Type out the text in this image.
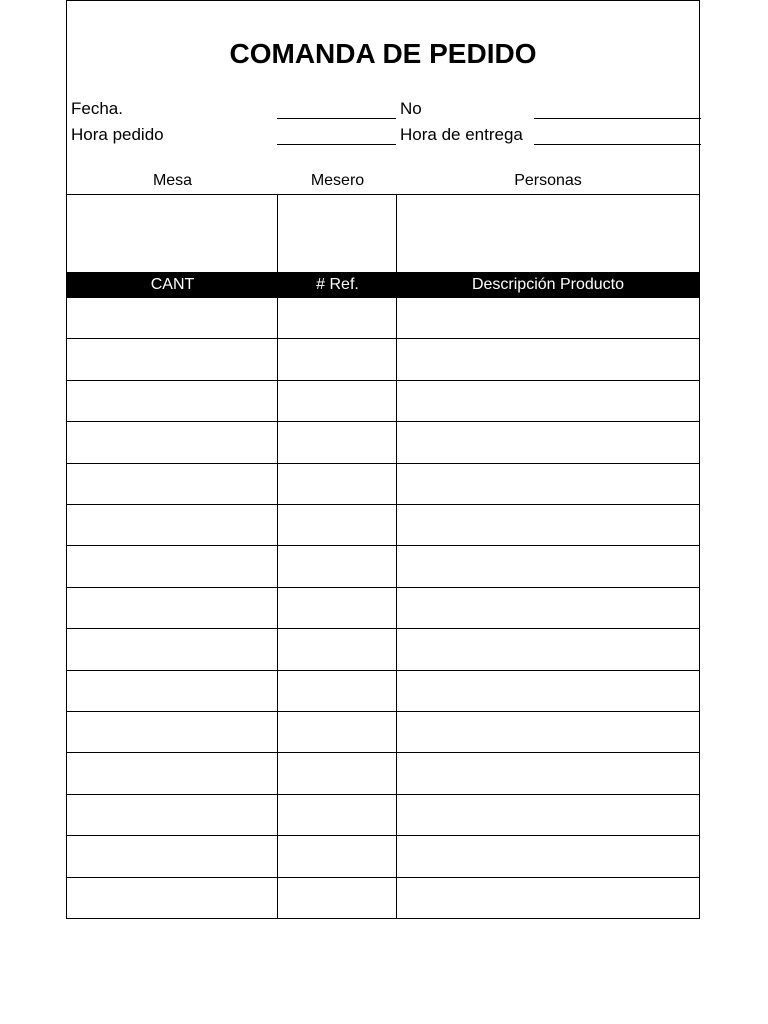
COMANDA DE PEDIDO
Fecha.	No
Hora pedido	Hora de entrega
Mesa	Mesero	Personas
CANT	# Ref.	Descripción Producto
